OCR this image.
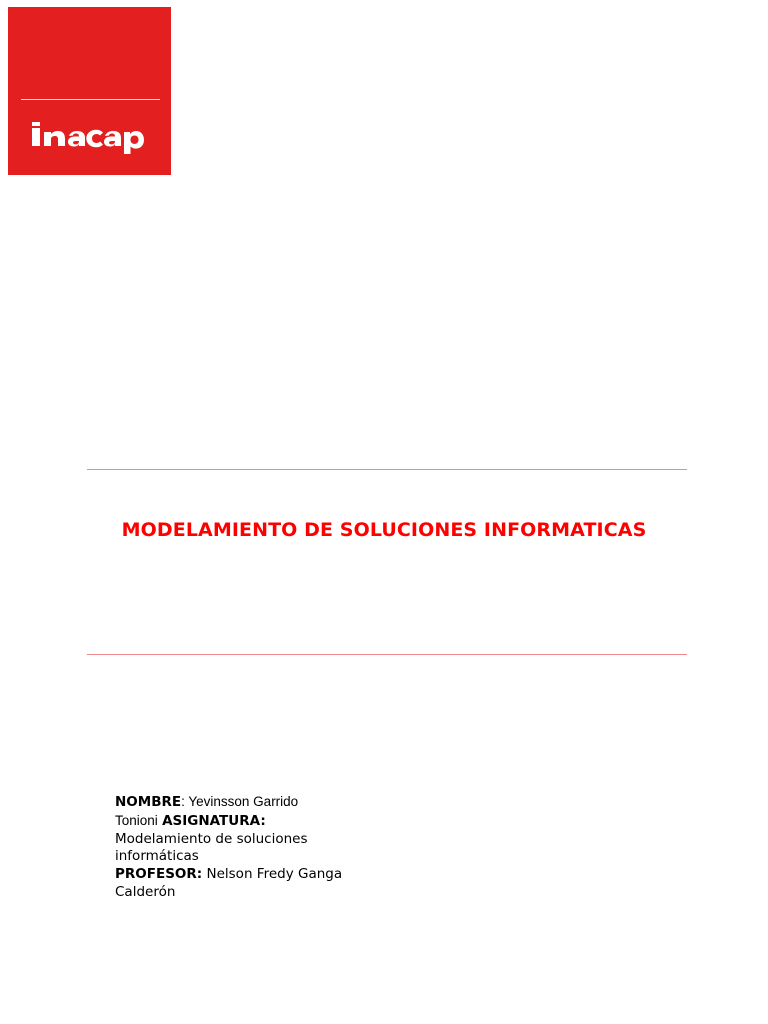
MODELAMIENTO DE SOLUCIONES INFORMATICAS
NOMBRE: Yevinsson Garrido
Tonioni ASIGNATURA:
Modelamiento de soluciones
informáticas
PROFESOR: Nelson Fredy Ganga
Calderón
